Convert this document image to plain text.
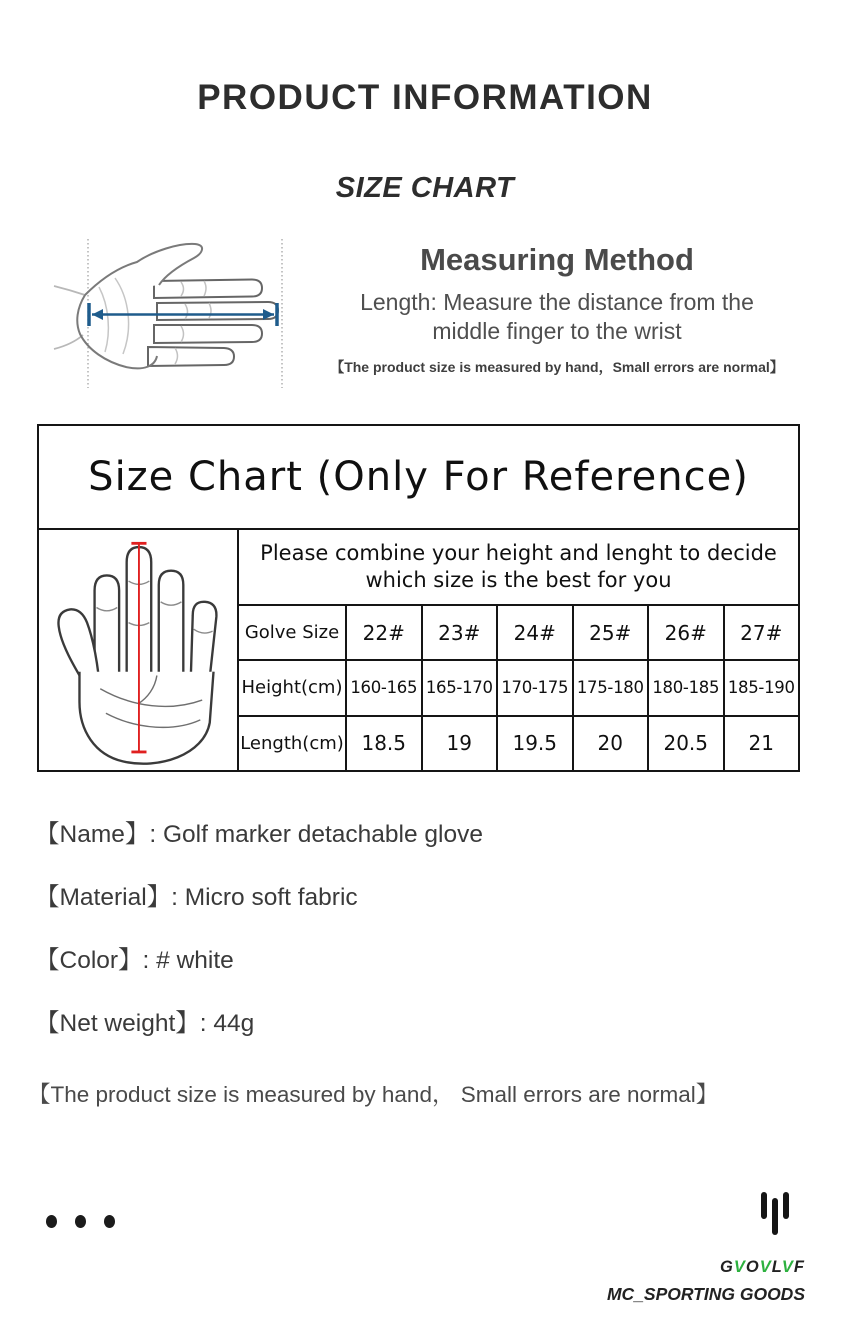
PRODUCT INFORMATION
SIZE CHART
Measuring Method

Length: Measure the distance from the

middle finger to the wrist

【The product size is measured by hand，Small errors are normal】
Size Chart (Only For Reference)
Please combine your height and lenght to decide
which size is the best for you
Golve Size	22#	23#	24#	25#	26#	27#
Height(cm) 160-165 165-170 170-175 175-180 180-185 185-190
Length(cm) 18.5	19	19.5	20	20.5	21
【Name】: Golf marker detachable glove
【Material】: Micro soft fabric
【Color】: # white
【Net weight】: 44g
【The product size is measured by hand， Small errors are normal】
GVOVLVF
MC_SPORTING GOODS
